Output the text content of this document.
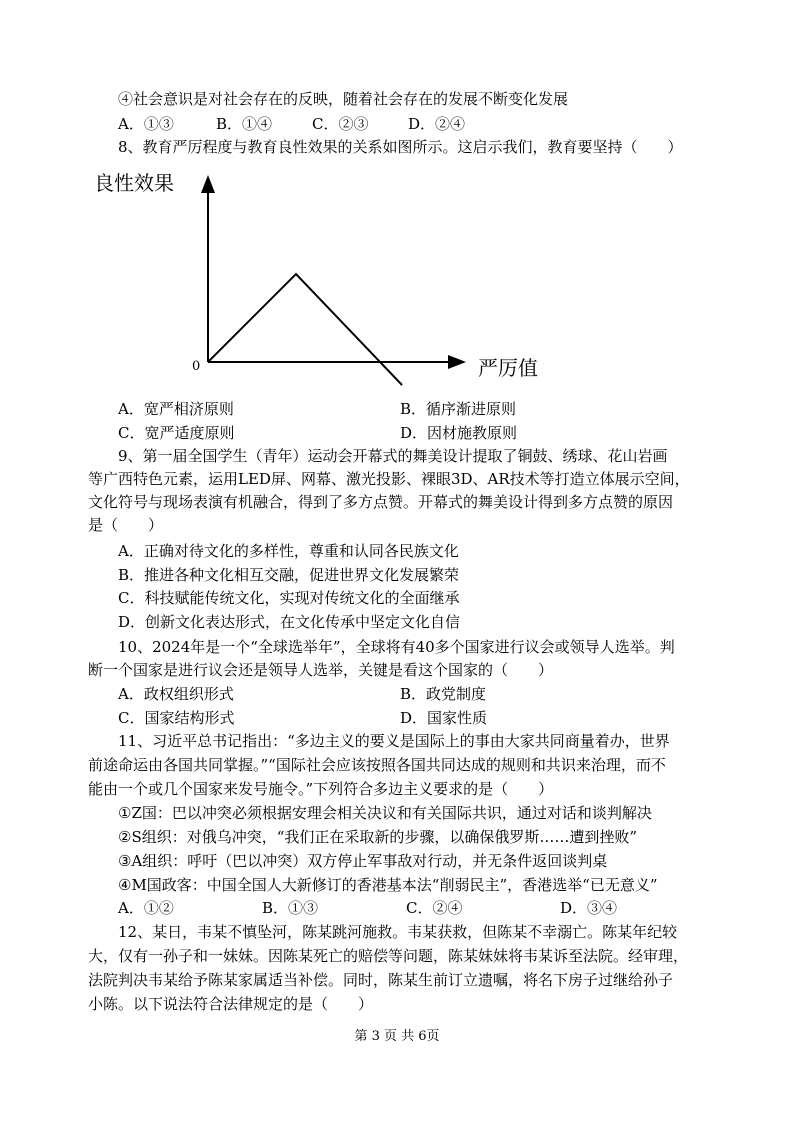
④社会意识是对社会存在的反映，随着社会存在的发展不断变化发展
A．①③	B．①④	C．②③	D．②④
8、教育严厉程度与教育良性效果的关系如图所示。这启示我们，教育要坚持（　　）
良性效果
0	严厉值
A．宽严相济原则	B．循序渐进原则
C．宽严适度原则	D．因材施教原则
9、第一届全国学生（青年）运动会开幕式的舞美设计提取了铜鼓、绣球、花山岩画
等广西特色元素，运用LED屏、网幕、激光投影、裸眼3D、AR技术等打造立体展示空间，
文化符号与现场表演有机融合，得到了多方点赞。开幕式的舞美设计得到多方点赞的原因
是（　　）
A．正确对待文化的多样性，尊重和认同各民族文化
B．推进各种文化相互交融，促进世界文化发展繁荣
C．科技赋能传统文化，实现对传统文化的全面继承
D．创新文化表达形式，在文化传承中坚定文化自信
10、2024年是一个“全球选举年”，全球将有40多个国家进行议会或领导人选举。判
断一个国家是进行议会还是领导人选举，关键是看这个国家的（　　）
A．政权组织形式	B．政党制度
C．国家结构形式	D．国家性质
11、习近平总书记指出：“多边主义的要义是国际上的事由大家共同商量着办，世界
前途命运由各国共同掌握。”“国际社会应该按照各国共同达成的规则和共识来治理，而不
能由一个或几个国家来发号施令。”下列符合多边主义要求的是（　　）
①Z国：巴以冲突必须根据安理会相关决议和有关国际共识，通过对话和谈判解决
②S组织：对俄乌冲突，“我们正在采取新的步骤，以确保俄罗斯……遭到挫败”
③A组织：呼吁（巴以冲突）双方停止军事敌对行动，并无条件返回谈判桌
④M国政客：中国全国人大新修订的香港基本法“削弱民主”，香港选举“已无意义”
A．①②	B．①③	C．②④	D．③④
12、某日，韦某不慎坠河，陈某跳河施救。韦某获救，但陈某不幸溺亡。陈某年纪较
大，仅有一孙子和一妹妹。因陈某死亡的赔偿等问题，陈某妹妹将韦某诉至法院。经审理，
法院判决韦某给予陈某家属适当补偿。同时，陈某生前订立遗嘱，将名下房子过继给孙子
小陈。以下说法符合法律规定的是（　　）
第 3 页 共 6页
